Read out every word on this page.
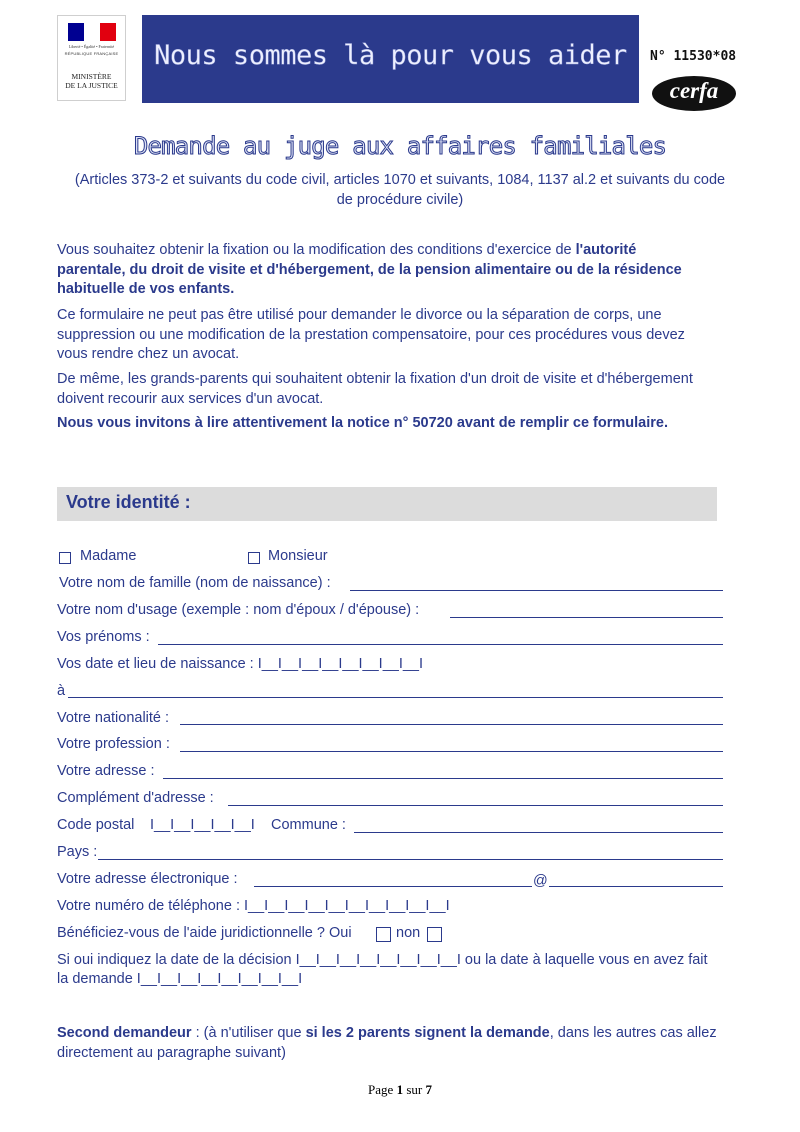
Liberté • Égalité • Fraternité
RÉPUBLIQUE FRANÇAISE
MINISTÈRE
DE LA JUSTICE
Nous sommes là pour vous aider	N° 11530*08
cerfa
Demande au juge aux affaires familiales
(Articles 373-2 et suivants du code civil, articles 1070 et suivants, 1084, 1137 al.2 et suivants du code
de procédure civile)
Vous souhaitez obtenir la fixation ou la modification des conditions d'exercice de l'autorité
parentale, du droit de visite et d'hébergement, de la pension alimentaire ou de la résidence
habituelle de vos enfants.
Ce formulaire ne peut pas être utilisé pour demander le divorce ou la séparation de corps, une
suppression ou une modification de la prestation compensatoire, pour ces procédures vous devez
vous rendre chez un avocat.
De même, les grands-parents qui souhaitent obtenir la fixation d'un droit de visite et d'hébergement
doivent recourir aux services d'un avocat.
Nous vous invitons à lire attentivement la notice n° 50720 avant de remplir ce formulaire.
Votre identité :
Madame	Monsieur
Votre nom de famille (nom de naissance) :
Votre nom d'usage (exemple : nom d'époux / d'épouse) :
Vos prénoms :
Vos date et lieu de naissance : I__I__I__I__I__I__I__I__I
à
Votre nationalité :
Votre profession :
Votre adresse :
Complément d'adresse :
Code postal I__I__I__I__I__I Commune :
Pays :
Votre adresse électronique :	@
Votre numéro de téléphone : I__I__I__I__I__I__I__I__I__I__I
Bénéficiez-vous de l'aide juridictionnelle ? Oui	non
Si oui indiquez la date de la décision I__I__I__I__I__I__I__I__I ou la date à laquelle vous en avez fait
la demande I__I__I__I__I__I__I__I__I
Second demandeur : (à n'utiliser que si les 2 parents signent la demande, dans les autres cas allez
directement au paragraphe suivant)
Page 1 sur 7
